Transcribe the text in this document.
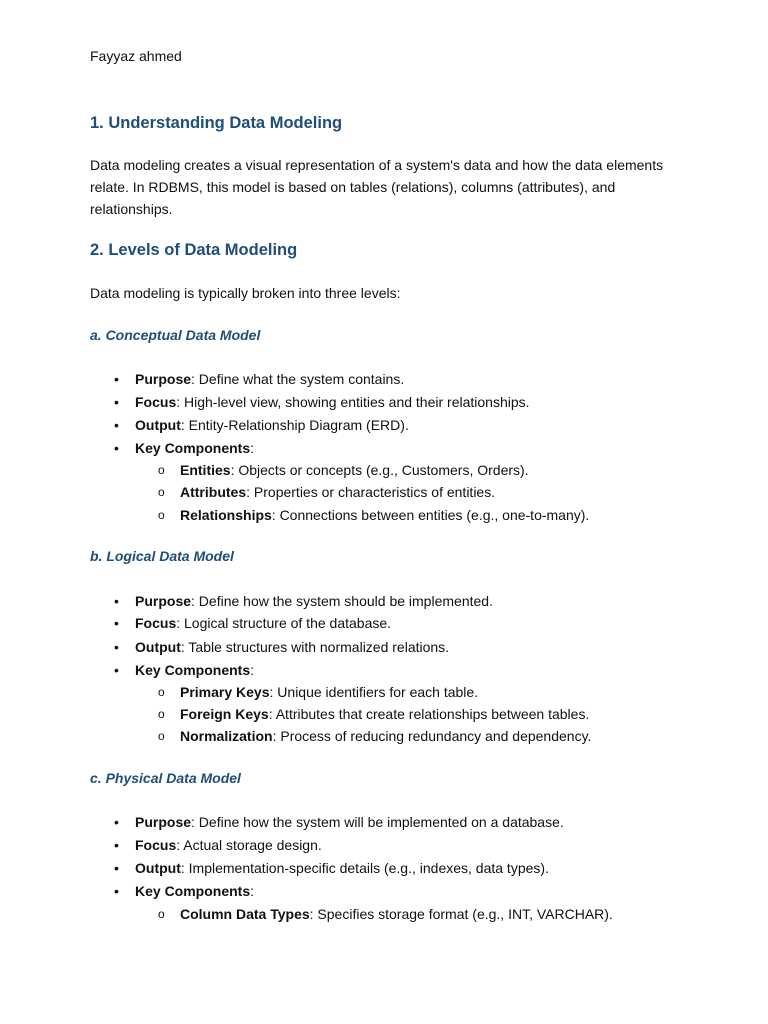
Fayyaz ahmed
1. Understanding Data Modeling

Data modeling creates a visual representation of a system's data and how the data elements relate. In RDBMS, this model is based on tables (relations), columns (attributes), and relationships.

2. Levels of Data Modeling

Data modeling is typically broken into three levels:

a. Conceptual Data Model
• Purpose: Define what the system contains.
• Focus: High-level view, showing entities and their relationships.
• Output: Entity-Relationship Diagram (ERD).
• Key Components:
o Entities: Objects or concepts (e.g., Customers, Orders).
o Attributes: Properties or characteristics of entities.
o Relationships: Connections between entities (e.g., one-to-many).
b. Logical Data Model
• Purpose: Define how the system should be implemented.
• Focus: Logical structure of the database.
• Output: Table structures with normalized relations.
• Key Components:
o Primary Keys: Unique identifiers for each table.
o Foreign Keys: Attributes that create relationships between tables.
o Normalization: Process of reducing redundancy and dependency.
c. Physical Data Model
• Purpose: Define how the system will be implemented on a database.
• Focus: Actual storage design.
• Output: Implementation-specific details (e.g., indexes, data types).
• Key Components:
o Column Data Types: Specifies storage format (e.g., INT, VARCHAR).
